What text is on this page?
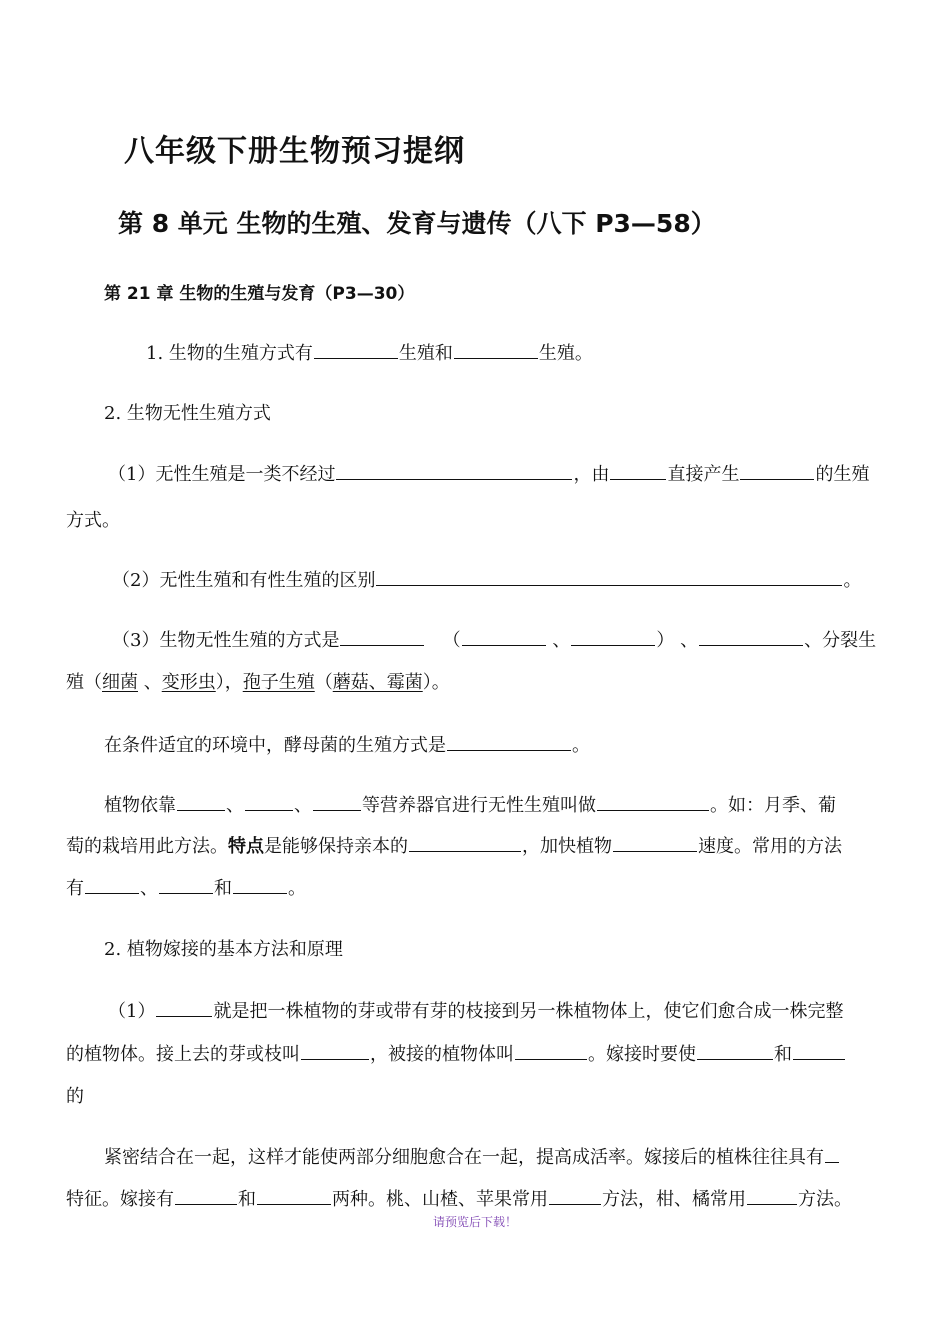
八年级下册生物预习提纲
第 8 单元 生物的生殖、发育与遗传（八下 P3—58）
第 21 章 生物的生殖与发育（P3—30）
1. 生物的生殖方式有	生殖和	生殖。
2. 生物无性生殖方式
（1）无性生殖是一类不经过	，由	直接产生	的生殖
方式。
（2）无性生殖和有性生殖的区别	。
（3）生物无性生殖的方式是	（	、	） 、	、分裂生
殖（细菌 、变形虫），孢子生殖（蘑菇、霉菌）。
在条件适宜的环境中，酵母菌的生殖方式是	。
植物依靠	、	、	等营养器官进行无性生殖叫做	。如：月季、葡
萄的栽培用此方法。特点是能够保持亲本的	，加快植物	速度。常用的方法
有	、	和	。
2. 植物嫁接的基本方法和原理
（1）	就是把一株植物的芽或带有芽的枝接到另一株植物体上，使它们愈合成一株完整
的植物体。接上去的芽或枝叫	，被接的植物体叫	。嫁接时要使	和
的
紧密结合在一起，这样才能使两部分细胞愈合在一起，提高成活率。嫁接后的植株往往具有
特征。嫁接有	和	两种。桃、山楂、苹果常用	方法，柑、橘常用	方法。
请预览后下载！
